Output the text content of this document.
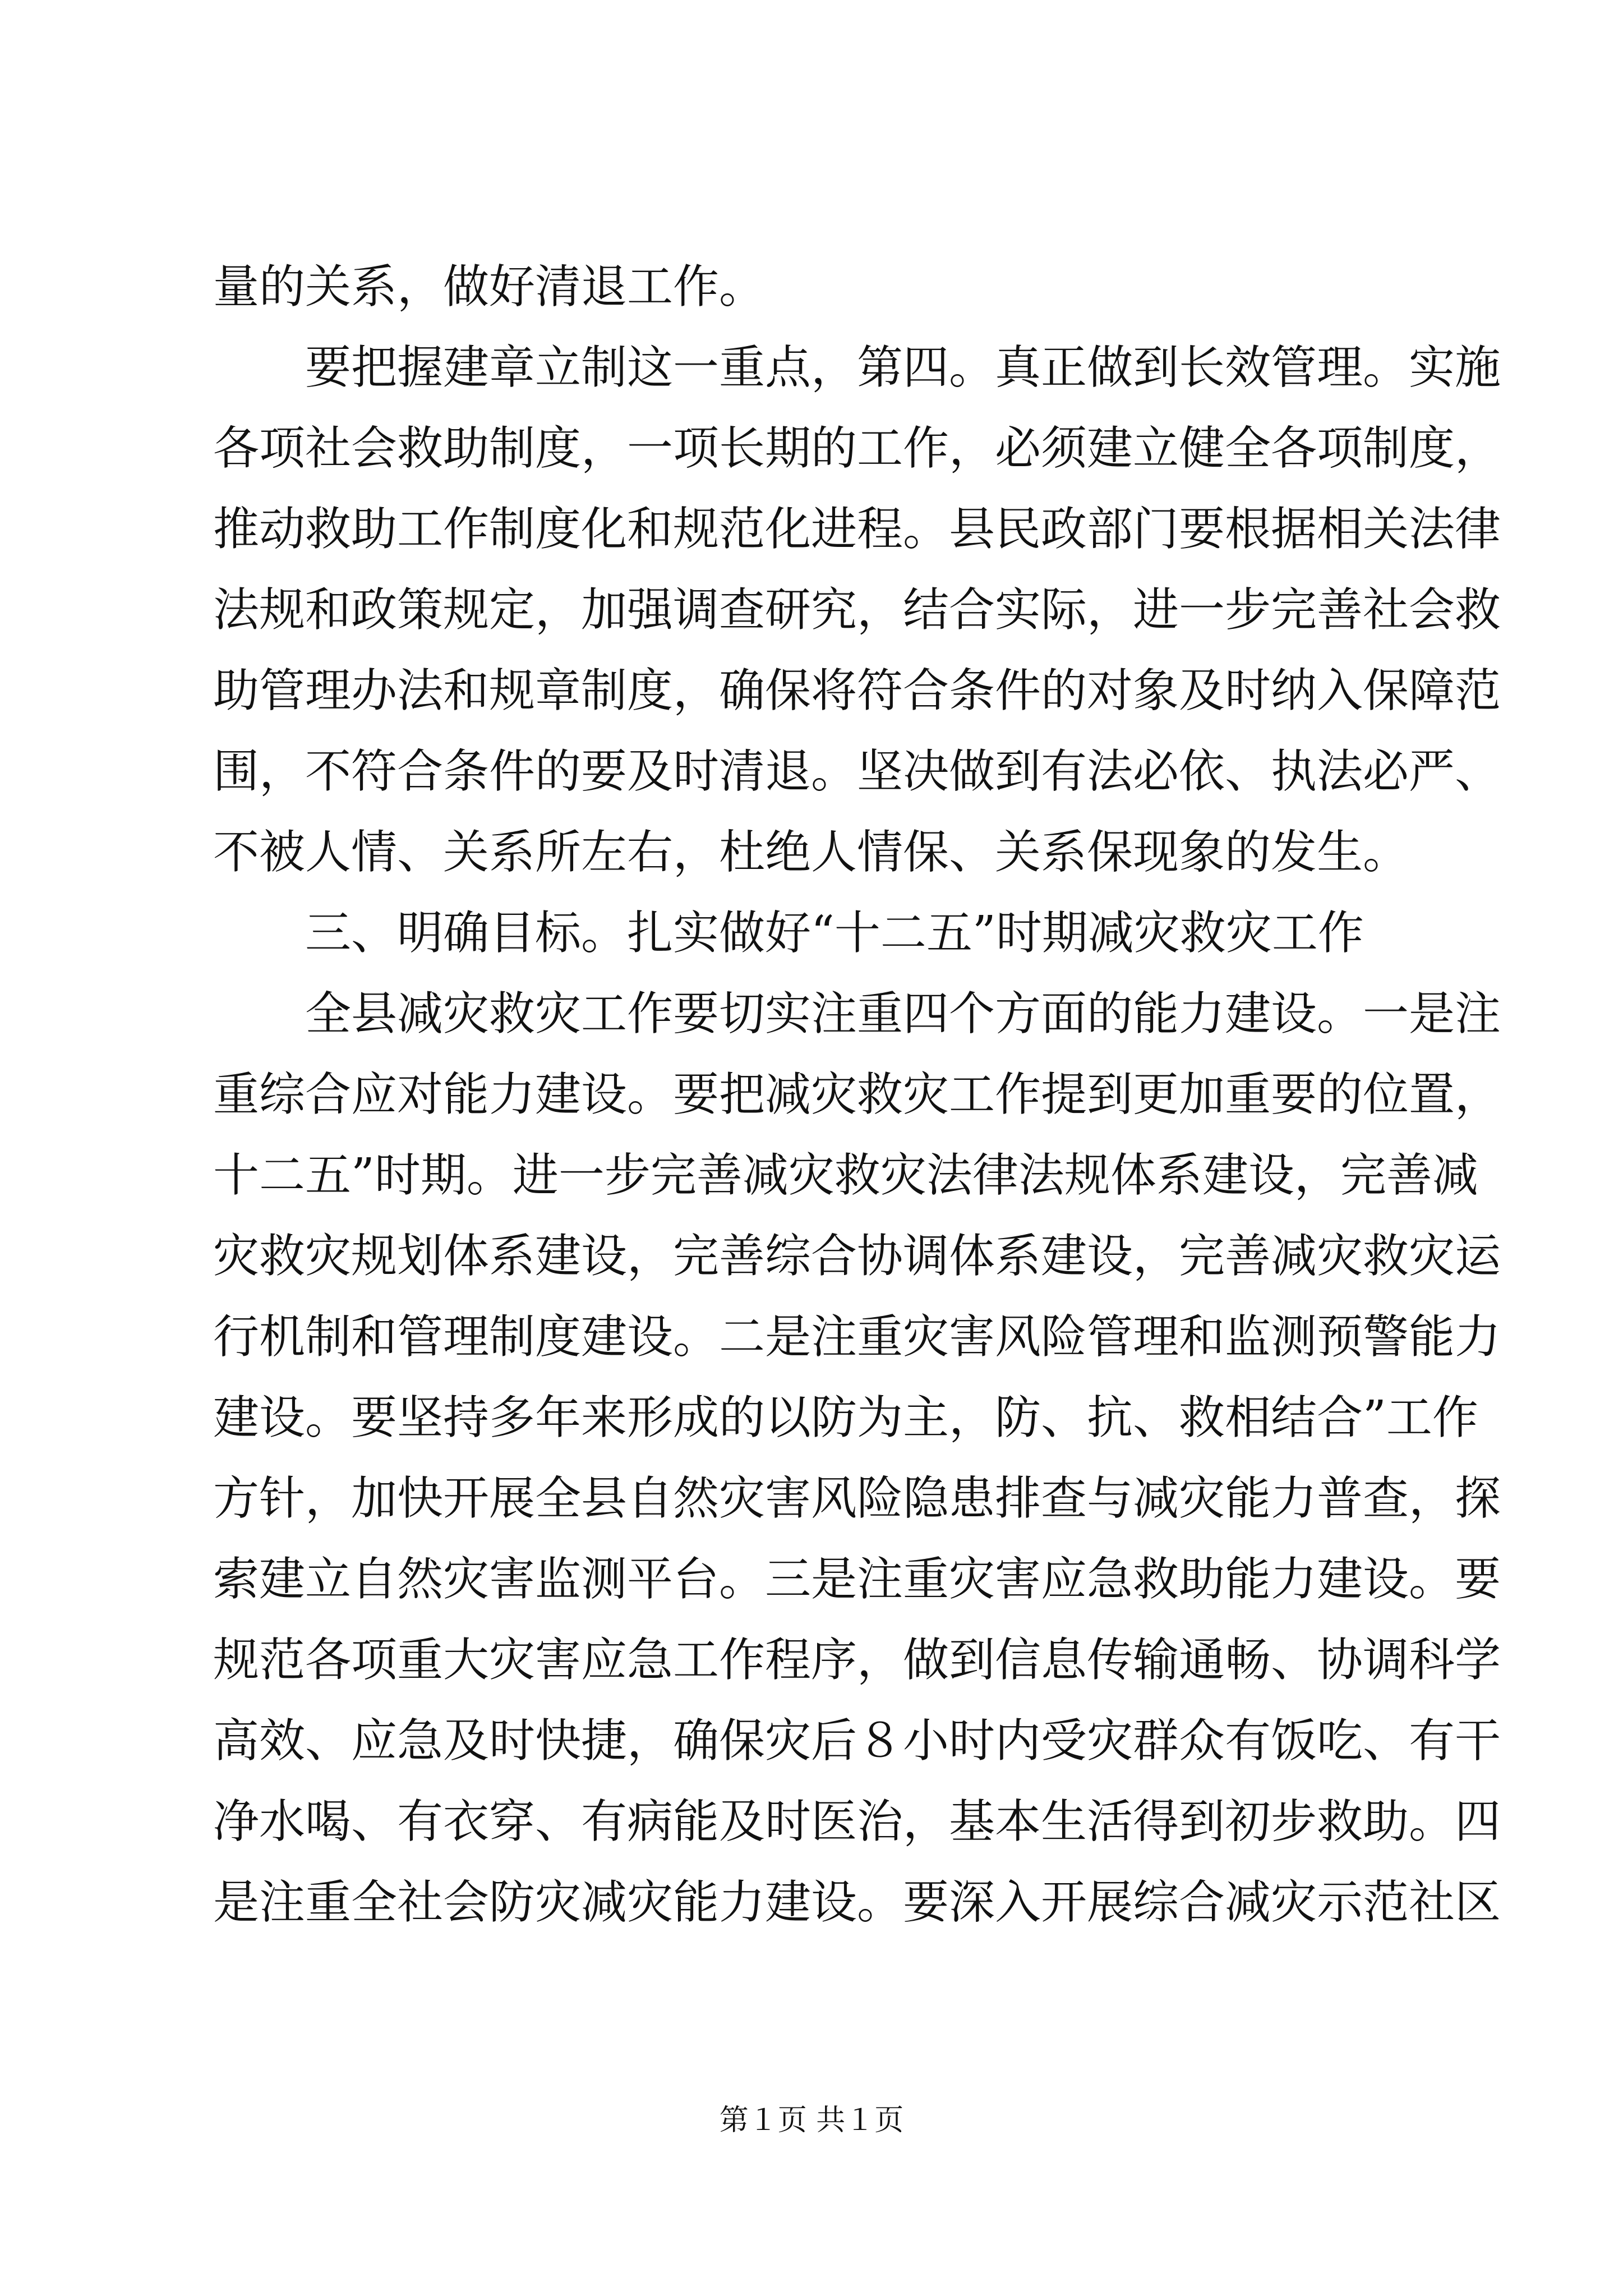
量的关系，做好清退工作。
要把握建章立制这一重点，第四。真正做到长效管理。实施
各项社会救助制度，一项长期的工作，必须建立健全各项制度，
推动救助工作制度化和规范化进程。县民政部门要根据相关法律
法规和政策规定，加强调查研究，结合实际，进一步完善社会救
助管理办法和规章制度，确保将符合条件的对象及时纳入保障范
围，不符合条件的要及时清退。坚决做到有法必依、执法必严、
不被人情、关系所左右，杜绝人情保、关系保现象的发生。
三、明确目标。扎实做好“十二五”时期减灾救灾工作
全县减灾救灾工作要切实注重四个方面的能力建设。一是注
重综合应对能力建设。要把减灾救灾工作提到更加重要的位置，
十二五”时期。进一步完善减灾救灾法律法规体系建设，完善减
灾救灾规划体系建设，完善综合协调体系建设，完善减灾救灾运
行机制和管理制度建设。二是注重灾害风险管理和监测预警能力
建设。要坚持多年来形成的以防为主，防、抗、救相结合”工作
方针，加快开展全县自然灾害风险隐患排查与减灾能力普查，探
索建立自然灾害监测平台。三是注重灾害应急救助能力建设。要
规范各项重大灾害应急工作程序，做到信息传输通畅、协调科学
高效、应急及时快捷，确保灾后８小时内受灾群众有饭吃、有干
净水喝、有衣穿、有病能及时医治，基本生活得到初步救助。四
是注重全社会防灾减灾能力建设。要深入开展综合减灾示范社区
第１页 共１页
